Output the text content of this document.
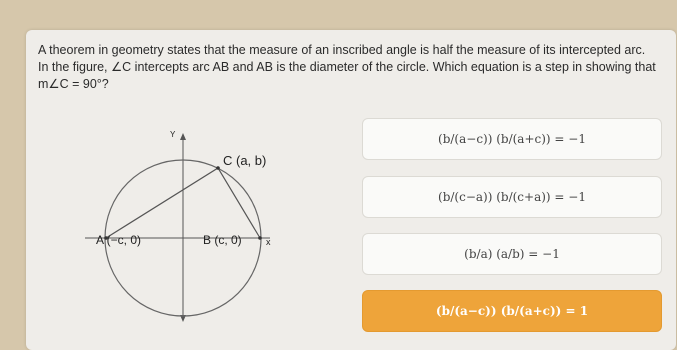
A theorem in geometry states that the measure of an inscribed angle is half the measure of its intercepted arc. In the figure, ∠C intercepts arc AB and AB is the diameter of the circle. Which equation is a step in showing that m∠C = 90°?

Y
x
C (a, b)
A (−c, 0)	B (c, 0)
(b/(a−c)) (b/(a+c)) = −1
(b/(c−a)) (b/(c+a)) = −1
(b/a) (a/b) = −1
(b/(a−c)) (b/(a+c)) = 1
